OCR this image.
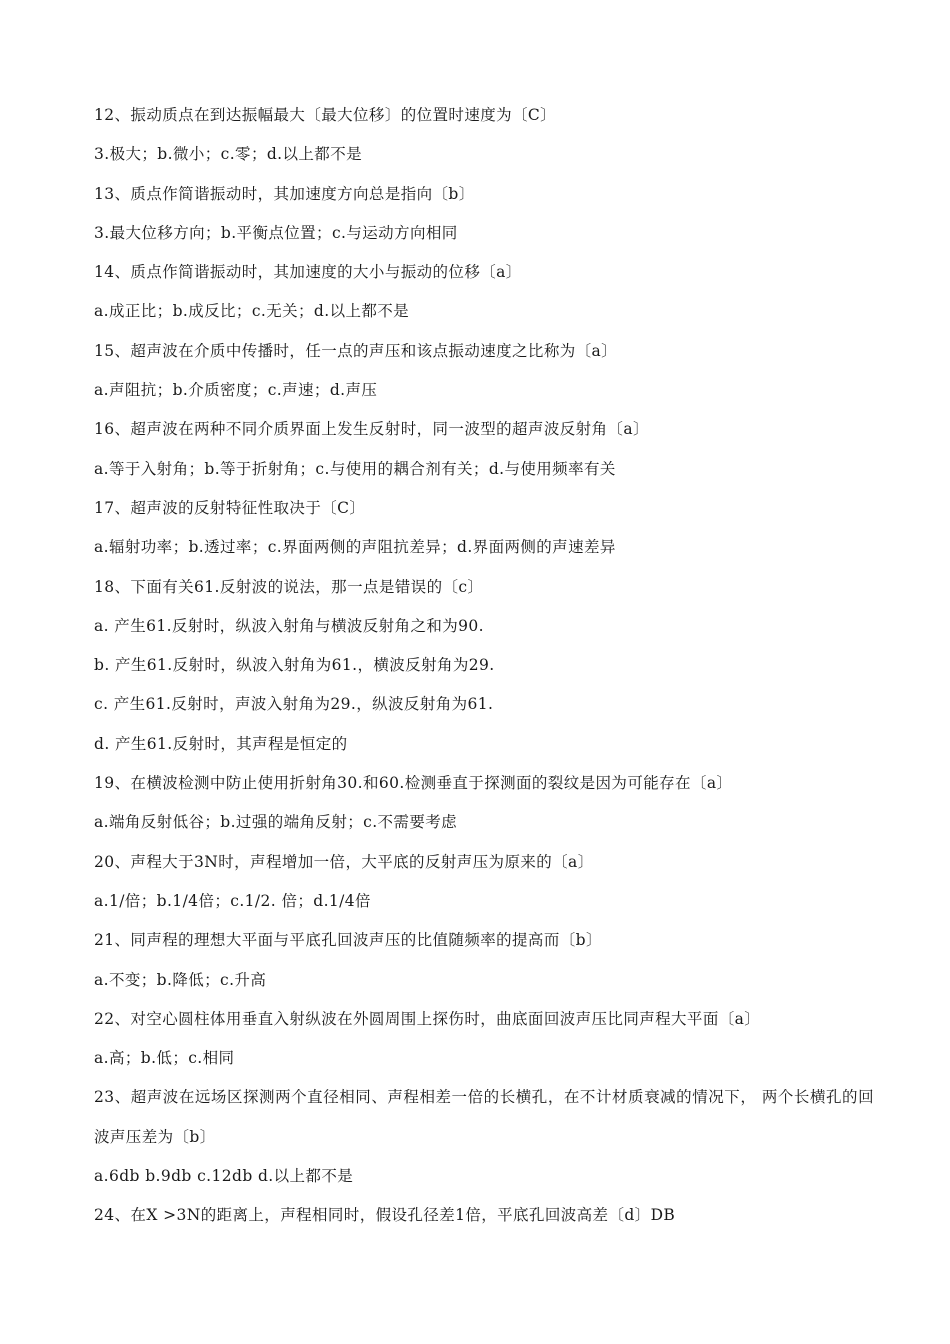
12、振动质点在到达振幅最大〔最大位移〕的位置时速度为〔C〕
3.极大；b.微小；c.零；d.以上都不是
13、质点作简谐振动时，其加速度方向总是指向〔b〕
3.最大位移方向；b.平衡点位置；c.与运动方向相同
14、质点作简谐振动时，其加速度的大小与振动的位移〔a〕
a.成正比；b.成反比；c.无关；d.以上都不是
15、超声波在介质中传播时，任一点的声压和该点振动速度之比称为〔a〕
a.声阻抗；b.介质密度；c.声速；d.声压
16、超声波在两种不同介质界面上发生反射时，同一波型的超声波反射角〔a〕
a.等于入射角；b.等于折射角；c.与使用的耦合剂有关；d.与使用频率有关
17、超声波的反射特征性取决于〔C〕
a.辐射功率；b.透过率；c.界面两侧的声阻抗差异；d.界面两侧的声速差异
18、下面有关61.反射波的说法，那一点是错误的〔c〕
a. 产生61.反射时，纵波入射角与横波反射角之和为90.
b. 产生61.反射时，纵波入射角为61.，横波反射角为29.
c. 产生61.反射时，声波入射角为29.，纵波反射角为61.
d. 产生61.反射时，其声程是恒定的
19、在横波检测中防止使用折射角30.和60.检测垂直于探测面的裂纹是因为可能存在〔a〕
a.端角反射低谷；b.过强的端角反射；c.不需要考虑
20、声程大于3N时，声程增加一倍，大平底的反射声压为原来的〔a〕
a.1/倍；b.1/4倍；c.1/2. 倍；d.1/4倍
21、同声程的理想大平面与平底孔回波声压的比值随频率的提高而〔b〕
a.不变；b.降低；c.升高
22、对空心圆柱体用垂直入射纵波在外圆周围上探伤时，曲底面回波声压比同声程大平面〔a〕
a.高；b.低；c.相同
23、超声波在远场区探测两个直径相同、声程相差一倍的长横孔，在不计材质衰减的情况下， 两个长横孔的回波声压差为〔b〕
a.6db b.9db c.12db d.以上都不是
24、在X >3N的距离上，声程相同时，假设孔径差1倍，平底孔回波高差〔d〕DB
